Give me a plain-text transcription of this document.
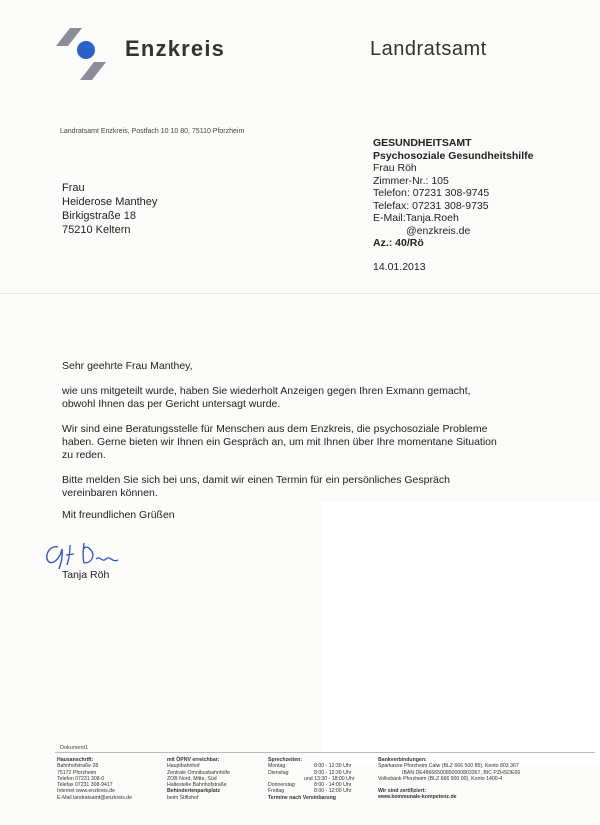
Enzkreis	Landratsamt
Landratsamt Enzkreis, Postfach 10 10 80, 75110 Pforzheim
Frau
Heiderose Manthey
Birkigstraße 18
75210 Keltern
GESUNDHEITSAMT
Psychosoziale Gesundheitshilfe
Frau Röh
Zimmer-Nr.: 105
Telefon: 07231 308-9745
Telefax: 07231 308-9735
E-Mail:Tanja.Roeh
@enzkreis.de
Az.: 40/Rö
14.01.2013

Sehr geehrte Frau Manthey,

wie uns mitgeteilt wurde, haben Sie wiederholt Anzeigen gegen Ihren Exmann gemacht,
obwohl Ihnen das per Gericht untersagt wurde.

Wir sind eine Beratungsstelle für Menschen aus dem Enzkreis, die psychosoziale Probleme
haben. Gerne bieten wir Ihnen ein Gespräch an, um mit Ihnen über Ihre momentane Situation
zu reden.

Bitte melden Sie sich bei uns, damit wir einen Termin für ein persönliches Gespräch
vereinbaren können.

Mit freundlichen Grüßen
Tanja Röh
Dokument1
Hausanschrift:
Bahnhofstraße 28
75172 Pforzheim
Telefon 07231 308-0
Telefax 07231 308-9417
Internet www.enzkreis.de
E-Mail landratsamt@enzkreis.de
mit ÖPNV erreichbar:
Hauptbahnhof
Zentrale Omnibusbahnhöfe
ZOB Nord, Mitte, Süd
Haltestelle Bahnhofstraße
Behindertenparkplatz
beim Stiftshof
Sprechzeiten:
Montag	8:00 - 12:30 Uhr
Dienstag	8:00 - 12:30 Uhr
und 13:30 - 18:00 Uhr
Donnerstag	8:00 - 14:00 Uhr
Freitag	8:00 - 12:00 Uhr
Termine nach Vereinbarung
Bankverbindungen:
Sparkasse Pforzheim Calw (BLZ 666 500 85), Konto 803 367
IBAN DE48666500850000803367, BIC PZHSDE66
Volksbank Pforzheim (BLZ 666 900 00), Konto 1400-4
Wir sind zertifiziert:
www.kommunale-kompetenz.de
